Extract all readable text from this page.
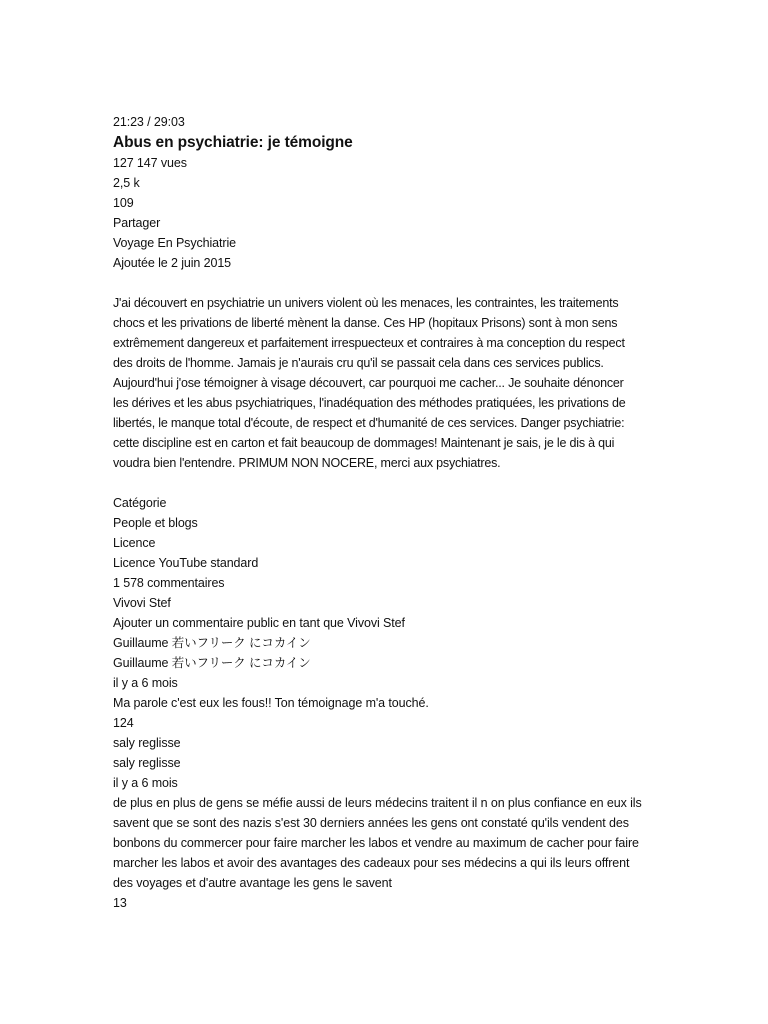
21:23 / 29:03
Abus en psychiatrie: je témoigne
127 147 vues
2,5 k
109
Partager
Voyage En Psychiatrie
Ajoutée le 2 juin 2015
J'ai découvert en psychiatrie un univers violent où les menaces, les contraintes, les traitements
chocs et les privations de liberté mènent la danse. Ces HP (hopitaux Prisons) sont à mon sens
extrêmement dangereux et parfaitement irrespuecteux et contraires à ma conception du respect
des droits de l'homme. Jamais je n'aurais cru qu'il se passait cela dans ces services publics.
Aujourd'hui j'ose témoigner à visage découvert, car pourquoi me cacher... Je souhaite dénoncer
les dérives et les abus psychiatriques, l'inadéquation des méthodes pratiquées, les privations de
libertés, le manque total d'écoute, de respect et d'humanité de ces services. Danger psychiatrie:
cette discipline est en carton et fait beaucoup de dommages! Maintenant je sais, je le dis à qui
voudra bien l'entendre. PRIMUM NON NOCERE, merci aux psychiatres.
Catégorie
People et blogs
Licence
Licence YouTube standard
1 578 commentaires
Vivovi Stef
Ajouter un commentaire public en tant que Vivovi Stef
Guillaume 若いフリーク にコカイン
Guillaume 若いフリーク にコカイン
il y a 6 mois
Ma parole c'est eux les fous!! Ton témoignage m'a touché.
124
saly reglisse
saly reglisse
il y a 6 mois
de plus en plus de gens se méfie aussi de leurs médecins traitent il n on plus confiance en eux ils
savent que se sont des nazis s'est 30 derniers années les gens ont constaté qu'ils vendent des
bonbons du commercer pour faire marcher les labos et vendre au maximum de cacher pour faire
marcher les labos et avoir des avantages des cadeaux pour ses médecins a qui ils leurs offrent
des voyages et d'autre avantage les gens le savent
13
